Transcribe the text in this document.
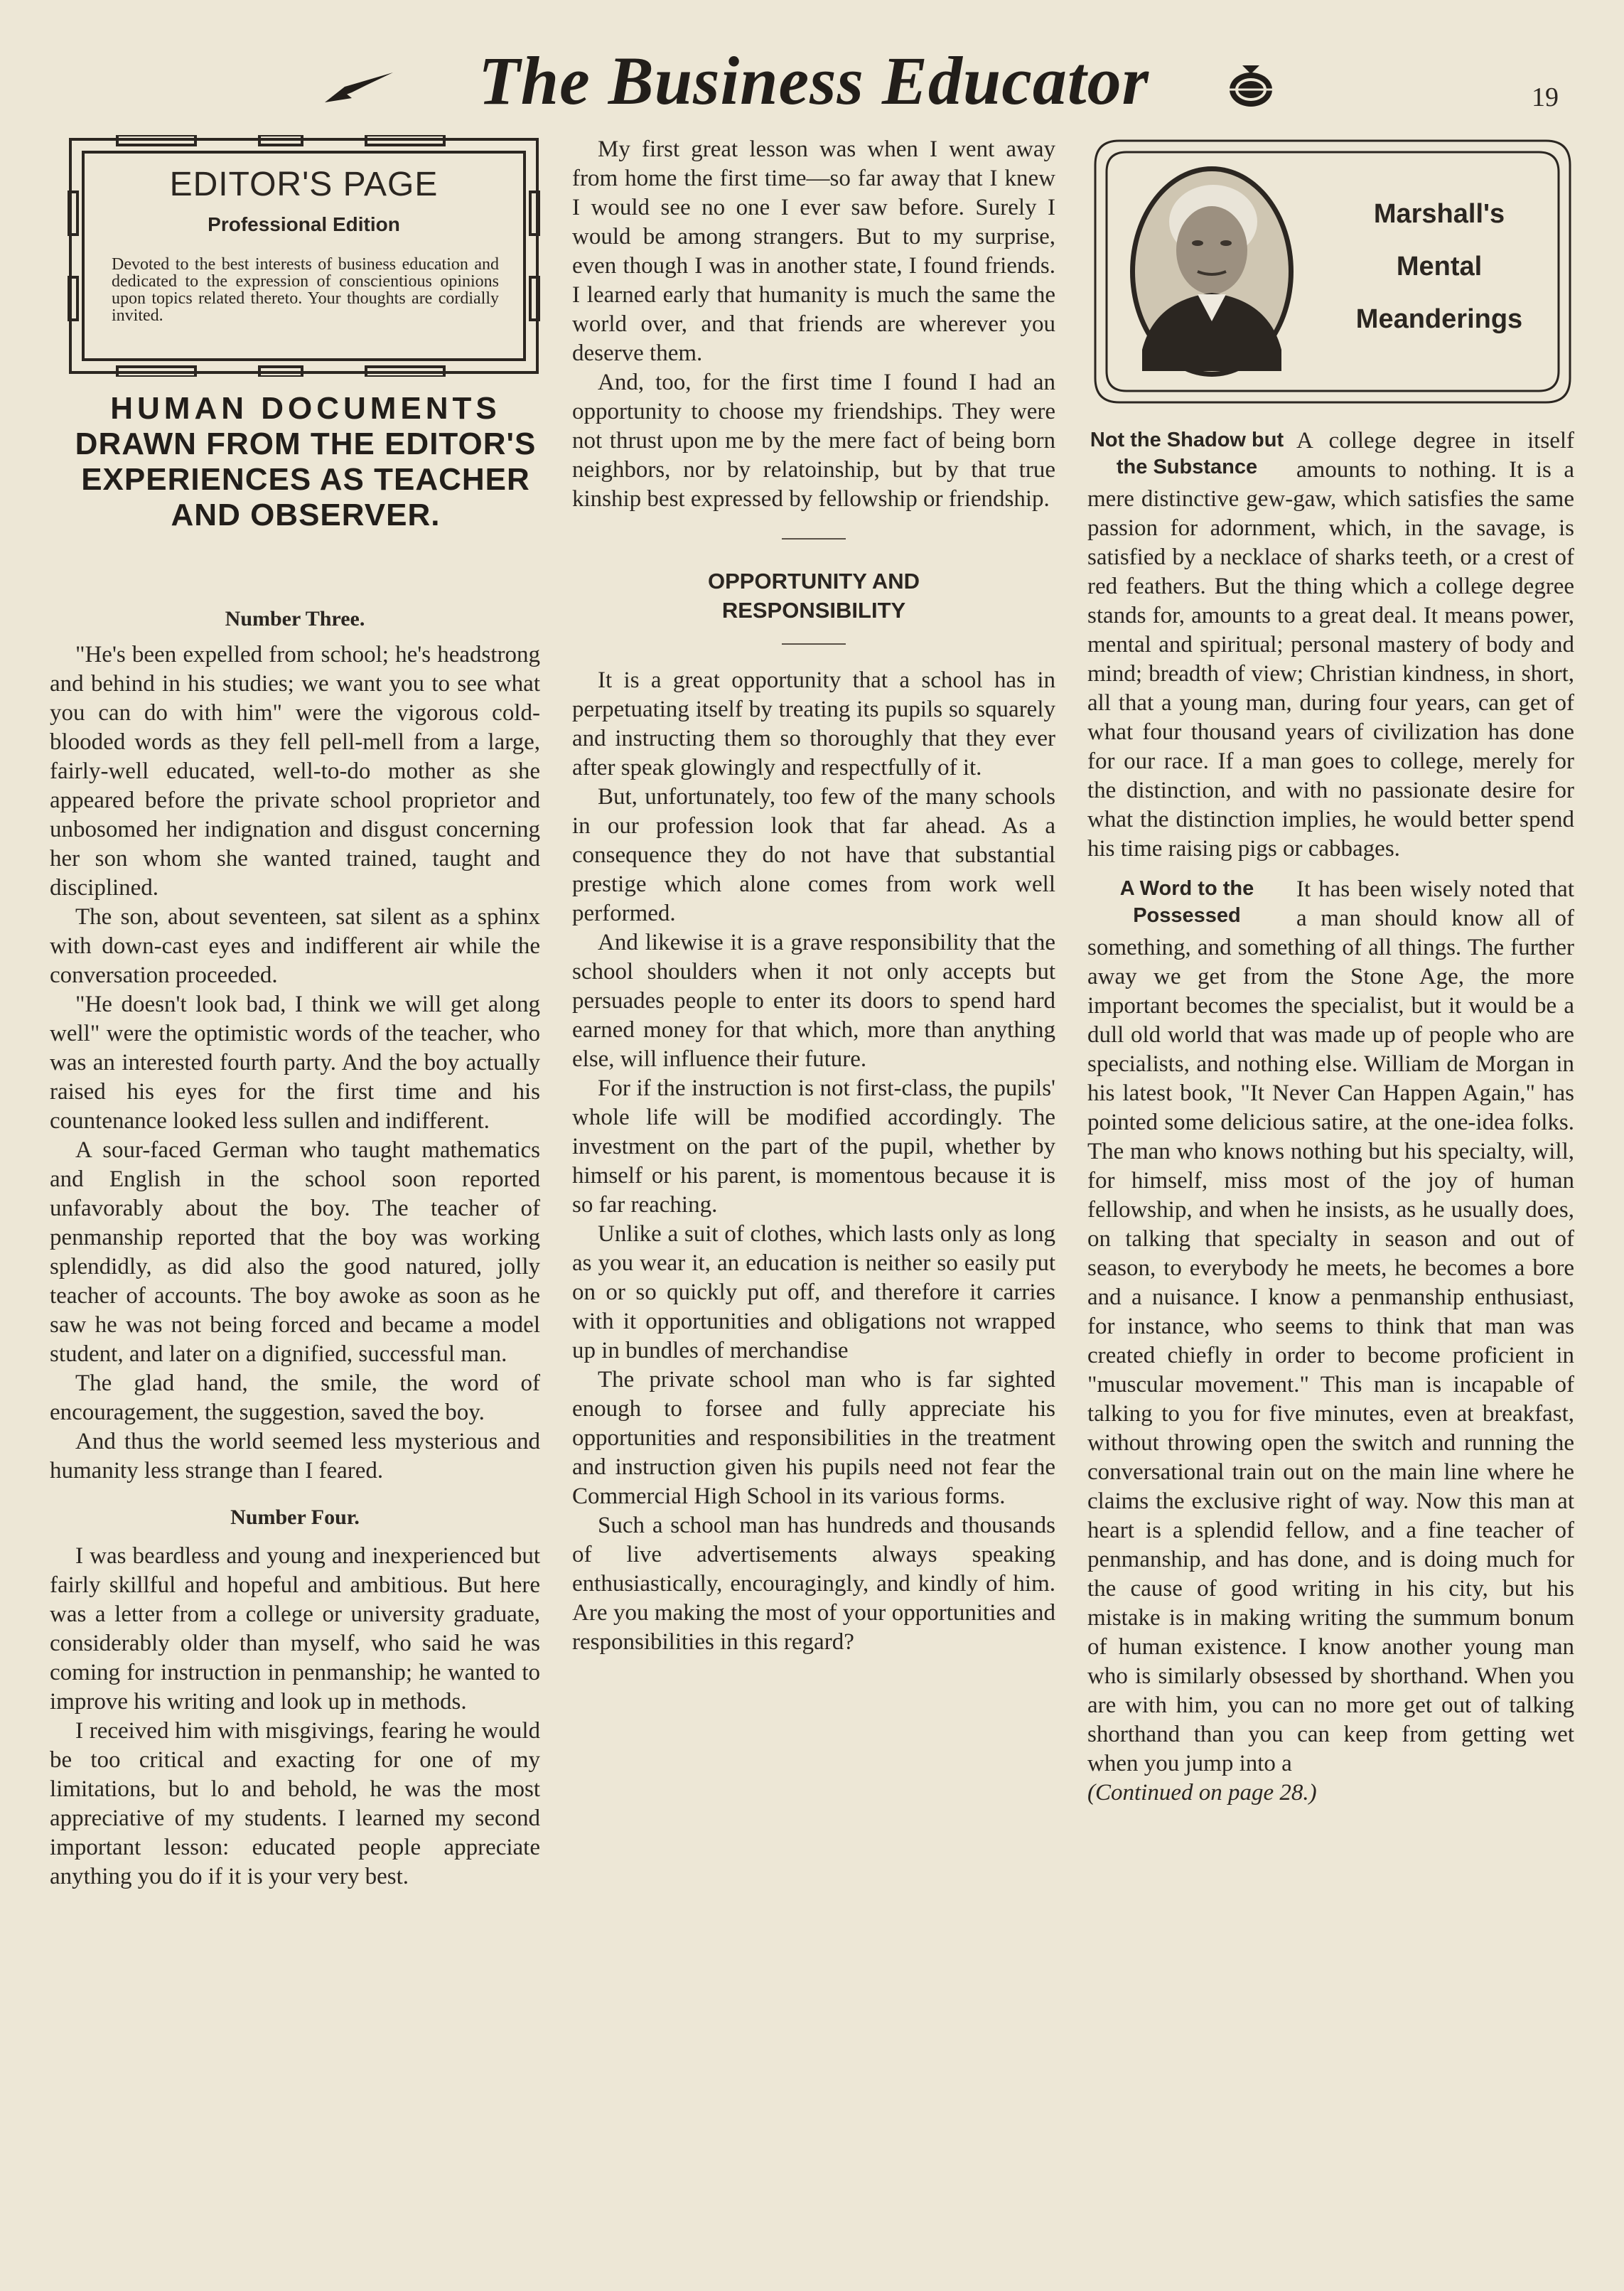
The Business Educator	19
EDITOR'S PAGE
Professional Edition
Devoted to the best interests of business education and dedicated to the expression of conscientious opinions upon topics related thereto. Your thoughts are cordially invited.
HUMAN DOCUMENTS
DRAWN FROM THE EDITOR'S EXPERIENCES AS TEACHER AND OBSERVER.
Number Three.

"He's been expelled from school; he's headstrong and behind in his studies; we want you to see what you can do with him" were the vigorous cold-blooded words as they fell pell-mell from a large, fairly-well educated, well-to-do mother as she appeared before the private school proprietor and unbosomed her indignation and disgust concerning her son whom she wanted trained, taught and disciplined.

The son, about seventeen, sat silent as a sphinx with down-cast eyes and indifferent air while the conversation proceeded.

"He doesn't look bad, I think we will get along well" were the optimistic words of the teacher, who was an interested fourth party. And the boy actually raised his eyes for the first time and his countenance looked less sullen and indifferent.

A sour-faced German who taught mathematics and English in the school soon reported unfavorably about the boy. The teacher of penmanship reported that the boy was working splendidly, as did also the good natured, jolly teacher of accounts. The boy awoke as soon as he saw he was not being forced and became a model student, and later on a dignified, successful man.

The glad hand, the smile, the word of encouragement, the suggestion, saved the boy.

And thus the world seemed less mysterious and humanity less strange than I feared.

Number Four.

I was beardless and young and inexperienced but fairly skillful and hopeful and ambitious. But here was a letter from a college or university graduate, considerably older than myself, who said he was coming for instruction in penmanship; he wanted to improve his writing and look up in methods.

I received him with misgivings, fearing he would be too critical and exacting for one of my limitations, but lo and behold, he was the most appreciative of my students. I learned my second important lesson: educated people appreciate anything you do if it is your very best.

My first great lesson was when I went away from home the first time—so far away that I knew I would see no one I ever saw before. Surely I would be among strangers. But to my surprise, even though I was in another state, I found friends. I learned early that humanity is much the same the world over, and that friends are wherever you deserve them.

And, too, for the first time I found I had an opportunity to choose my friendships. They were not thrust upon me by the mere fact of being born neighbors, nor by relatoinship, but by that true kinship best expressed by fellowship or friendship.

OPPORTUNITY AND RESPONSIBILITY

It is a great opportunity that a school has in perpetuating itself by treating its pupils so squarely and instructing them so thoroughly that they ever after speak glowingly and respectfully of it.

But, unfortunately, too few of the many schools in our profession look that far ahead. As a consequence they do not have that substantial prestige which alone comes from work well performed.

And likewise it is a grave responsibility that the school shoulders when it not only accepts but persuades people to enter its doors to spend hard earned money for that which, more than anything else, will influence their future.

For if the instruction is not first-class, the pupils' whole life will be modified accordingly. The investment on the part of the pupil, whether by himself or his parent, is momentous because it is so far reaching.

Unlike a suit of clothes, which lasts only as long as you wear it, an education is neither so easily put on or so quickly put off, and therefore it carries with it opportunities and obligations not wrapped up in bundles of merchandise

The private school man who is far sighted enough to forsee and fully appreciate his opportunities and responsibilities in the treatment and instruction given his pupils need not fear the Commercial High School in its various forms.

Such a school man has hundreds and thousands of live advertisements always speaking enthusiastically, encouragingly, and kindly of him. Are you making the most of your opportunities and responsibilities in this regard?

Marshall's
Mental
Meanderings
Not the Shadow but the Substance

A college degree in itself amounts to nothing. It is a mere distinctive gew-gaw, which satisfies the same passion for adornment, which, in the savage, is satisfied by a necklace of sharks teeth, or a crest of red feathers. But the thing which a college degree stands for, amounts to a great deal. It means power, mental and spiritual; personal mastery of body and mind; breadth of view; Christian kindness, in short, all that a young man, during four years, can get of what four thousand years of civilization has done for our race. If a man goes to college, merely for the distinction, and with no passionate desire for what the distinction implies, he would better spend his time raising pigs or cabbages.

A Word to the Possessed

It has been wisely noted that a man should know all of something, and something of all things. The further away we get from the Stone Age, the more important becomes the specialist, but it would be a dull old world that was made up of people who are specialists, and nothing else. William de Morgan in his latest book, "It Never Can Happen Again," has pointed some delicious satire, at the one-idea folks. The man who knows nothing but his specialty, will, for himself, miss most of the joy of human fellowship, and when he insists, as he usually does, on talking that specialty in season and out of season, to everybody he meets, he becomes a bore and a nuisance. I know a penmanship enthusiast, for instance, who seems to think that man was created chiefly in order to become proficient in "muscular movement." This man is incapable of talking to you for five minutes, even at breakfast, without throwing open the switch and running the conversational train out on the main line where he claims the exclusive right of way. Now this man at heart is a splendid fellow, and a fine teacher of penmanship, and has done, and is doing much for the cause of good writing in his city, but his mistake is in making writing the summum bonum of human existence. I know another young man who is similarly obsessed by shorthand. When you are with him, you can no more get out of talking shorthand than you can keep from getting wet when you jump into a

(Continued on page 28.)
